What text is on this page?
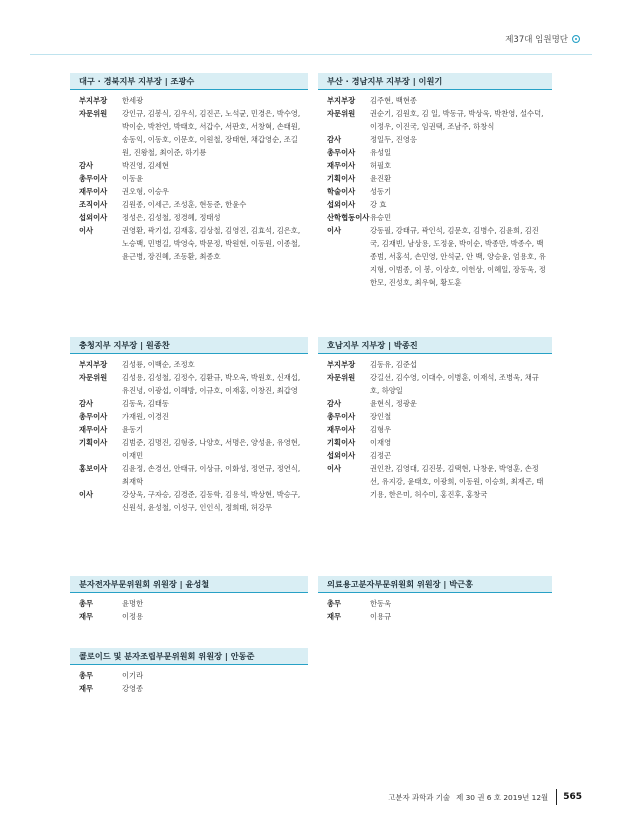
제37대 임원명단
대구 · 경북지부 지부장 | 조광수
부지부장	한세광
자문위원	강인규, 김봉식, 김우식, 김진곤, 노석균, 민경은, 박수영, 박이순, 박찬언, 박태호, 서갑수, 서판호, 서창혁, 손태원, 송동익, 이동호, 이문호, 이원철, 장태현, 채갑영순, 조길원, 진왕철, 최이준, 하기룡
감사	박진영, 김세현
총무이사	이동윤
재무이사	권오형, 이승우
조직이사	김원종, 이세근, 조성훈, 현동준, 한윤수
섭외이사	정성은, 김성철, 정경혜, 정태성
이사	권영환, 곽기섭, 김재홍, 김상철, 김영진, 김효석, 김은호, 노승백, 민병길, 박영숙, 박문정, 박원현, 이동원, 이종철, 윤근병, 장진혜, 조동환, 최종호
부산 · 경남지부 지부장 | 이원기
부지부장	김주현, 백현종
자문위원	권순기, 김원호, 김 일, 박동규, 박상욱, 박찬영, 설수덕, 이정우, 이진국, 임권택, 조남주, 하창식
감사	정일두, 진영응
총무이사	유성일
재무이사	허필호
기획이사	윤진환
학술이사	성동기
섭외이사	강 효
산학협동이사 유승민
이사	강동필, 강태규, 곽인석, 김문호, 김병수, 김윤희, 김진국, 김재빈, 남상용, 도정윤, 박이순, 박종만, 박종수, 백종범, 서홍석, 손민영, 안석균, 안 백, 양승윤, 엄용호, 유지형, 이범종, 이 봉, 이상호, 이헌상, 이혜일, 장동욱, 정한모, 진성호, 최우혁, 황도훈
충청지부 지부장 | 원종찬
부지부장	김성룡, 이백순, 조정호
자문위원	김성용, 김성철, 김정수, 김환규, 박오옥, 박원호, 신재섭, 유진녕, 이광섭, 이해방, 이규호, 이재홍, 이창진, 최갑영
감사	김동욱, 김태동
총무이사	가재원, 이경진
재무이사	윤동기
기획이사	김범준, 김명진, 김형중, 나양호, 서명은, 양성윤, 유영현, 이재민
홍보이사	김윤정, 손경선, 안태규, 이상규, 이화성, 정연규, 정연식, 최재학
이사	강상욱, 구자승, 김경준, 김동학, 김용석, 박상현, 박승구, 신원석, 윤성철, 이성구, 인인식, 정희태, 허강무
호남지부 지부장 | 박종진
부지부장	김동유, 김준섭
자문위원	강길선, 김수영, 이대수, 이병훈, 이재석, 조병욱, 채규호, 하양일
감사	윤현식, 정광운
총무이사	장인철
재무이사	김형우
기획이사	이재영
섭외이사	김정곤
이사	권인찬, 김영대, 김진봉, 김택현, 나창운, 박영훈, 손정선, 유지강, 윤태호, 이광희, 이동원, 이승희, 최재곤, 태기용, 한은미, 허수미, 홍진후, 홍창국
분자전자부문위원회 위원장 | 윤성철
총무	윤명한
재무	이정용
의료용고분자부문위원회 위원장 | 박근홍
총무	한동욱
재무	이용규
콜로이드 및 분자조립부문위원회 위원장 | 안동준
총무	이기라
재무	강영종
고분자 과학과 기술 제 30 권 6 호 2019년 12월 565
